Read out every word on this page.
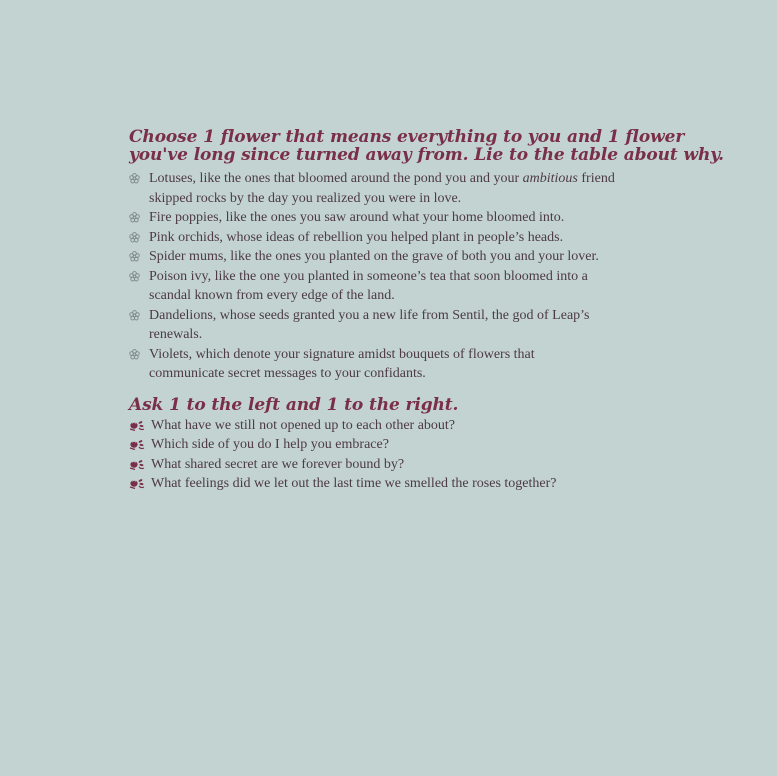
Choose 1 flower that means everything to you and 1 flower
you've long since turned away from. Lie to the table about why.
Lotuses, like the ones that bloomed around the pond you and your ambitious friend
skipped rocks by the day you realized you were in love.
Fire poppies, like the ones you saw around what your home bloomed into.
Pink orchids, whose ideas of rebellion you helped plant in people’s heads.
Spider mums, like the ones you planted on the grave of both you and your lover.
Poison ivy, like the one you planted in someone’s tea that soon bloomed into a
scandal known from every edge of the land.
Dandelions, whose seeds granted you a new life from Sentil, the god of Leap’s
renewals.
Violets, which denote your signature amidst bouquets of flowers that
communicate secret messages to your confidants.
Ask 1 to the left and 1 to the right.
What have we still not opened up to each other about?
Which side of you do I help you embrace?
What shared secret are we forever bound by?
What feelings did we let out the last time we smelled the roses together?
